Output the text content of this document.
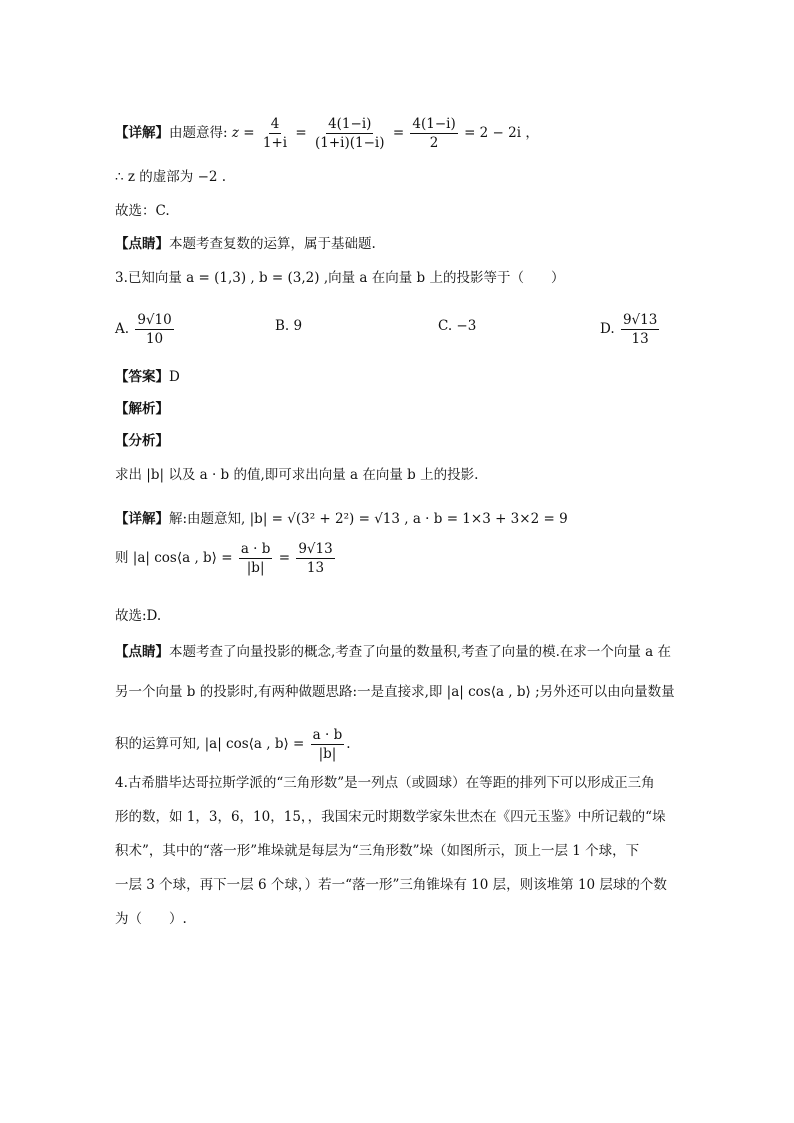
【详解】由题意得: $z = \frac{4}{1+i} = \frac{4(1-i)}{(1+i)(1-i)} = \frac{4(1-i)}{2} = 2 - 2i$ ，
∴ z 的虚部为 −2 .
故选：C.
【点睛】本题考查复数的运算，属于基础题.
3.已知向量 a = (1,3) , b = (3,2) ,向量 a 在向量 b 上的投影等于（　　）
A. $\frac{9√10}{10}$	B. 9	C. −3	D. $\frac{9√13}{13}$
【答案】D
【解析】
【分析】
求出 |b| 以及 a · b 的值,即可求出向量 a 在向量 b 上的投影.
【详解】解:由题意知, |b| = √(3² + 2²) = √13 , a · b = 1×3 + 3×2 = 9
则 |a| cos⟨a , b⟩ = $\frac{a \cdot b}{|b|} = \frac{9√13}{13}$
故选:D.
【点睛】本题考查了向量投影的概念,考查了向量的数量积,考查了向量的模.在求一个向量 a 在
另一个向量 b 的投影时,有两种做题思路:一是直接求,即 |a| cos⟨a , b⟩ ;另外还可以由向量数量
积的运算可知, |a| cos⟨a , b⟩ = $\frac{a \cdot b}{|b|}$ .
4.古希腊毕达哥拉斯学派的“三角形数”是一列点（或圆球）在等距的排列下可以形成正三角
形的数，如 1，3，6，10，15，，我国宋元时期数学家朱世杰在《四元玉鉴》中所记载的“垛
积术”，其中的“落一形”堆垛就是每层为“三角形数”垛（如图所示，顶上一层 1 个球，下
一层 3 个球，再下一层 6 个球，）若一“落一形”三角锥垛有 10 层，则该堆第 10 层球的个数
为（　　）.
